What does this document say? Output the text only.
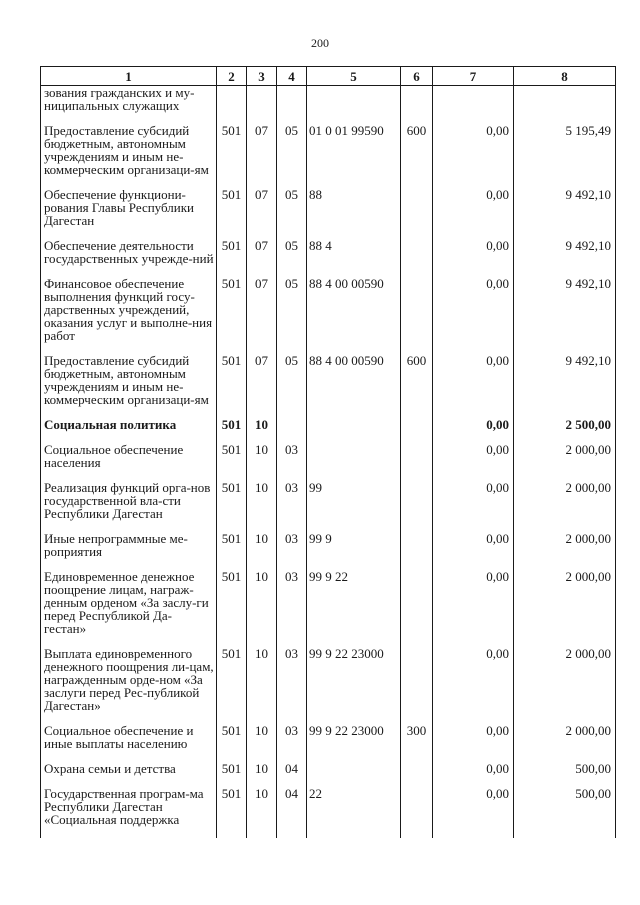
200
1	2	3	4	5	6	7	8
зования гражданских и му-ниципальных служащих							
Предоставление субсидий бюджетным, автономным учреждениям и иным не-коммерческим организаци-ям	501	07	05	01 0 01 99590	600	0,00	5 195,49
Обеспечение функциони-рования Главы Республики Дагестан	501	07	05	88		0,00	9 492,10
Обеспечение деятельности государственных учрежде-ний	501	07	05	88 4		0,00	9 492,10
Финансовое обеспечение выполнения функций госу-дарственных учреждений, оказания услуг и выполне-ния работ	501	07	05	88 4 00 00590		0,00	9 492,10
Предоставление субсидий бюджетным, автономным учреждениям и иным не-коммерческим организаци-ям	501	07	05	88 4 00 00590	600	0,00	9 492,10
Социальная политика	501	10				0,00	2 500,00
Социальное обеспечение населения	501	10	03			0,00	2 000,00
Реализация функций орга-нов государственной вла-сти Республики Дагестан	501	10	03	99		0,00	2 000,00
Иные непрограммные ме-роприятия	501	10	03	99 9		0,00	2 000,00
Единовременное денежное поощрение лицам, награж-денным орденом «За заслу-ги перед Республикой Да-гестан»	501	10	03	99 9 22		0,00	2 000,00
Выплата единовременного денежного поощрения ли-цам, награжденным орде-ном «За заслуги перед Рес-публикой Дагестан»	501	10	03	99 9 22 23000		0,00	2 000,00
Социальное обеспечение и иные выплаты населению	501	10	03	99 9 22 23000	300	0,00	2 000,00
Охрана семьи и детства	501	10	04			0,00	500,00
Государственная програм-ма Республики Дагестан «Социальная поддержка	501	10	04	22		0,00	500,00
